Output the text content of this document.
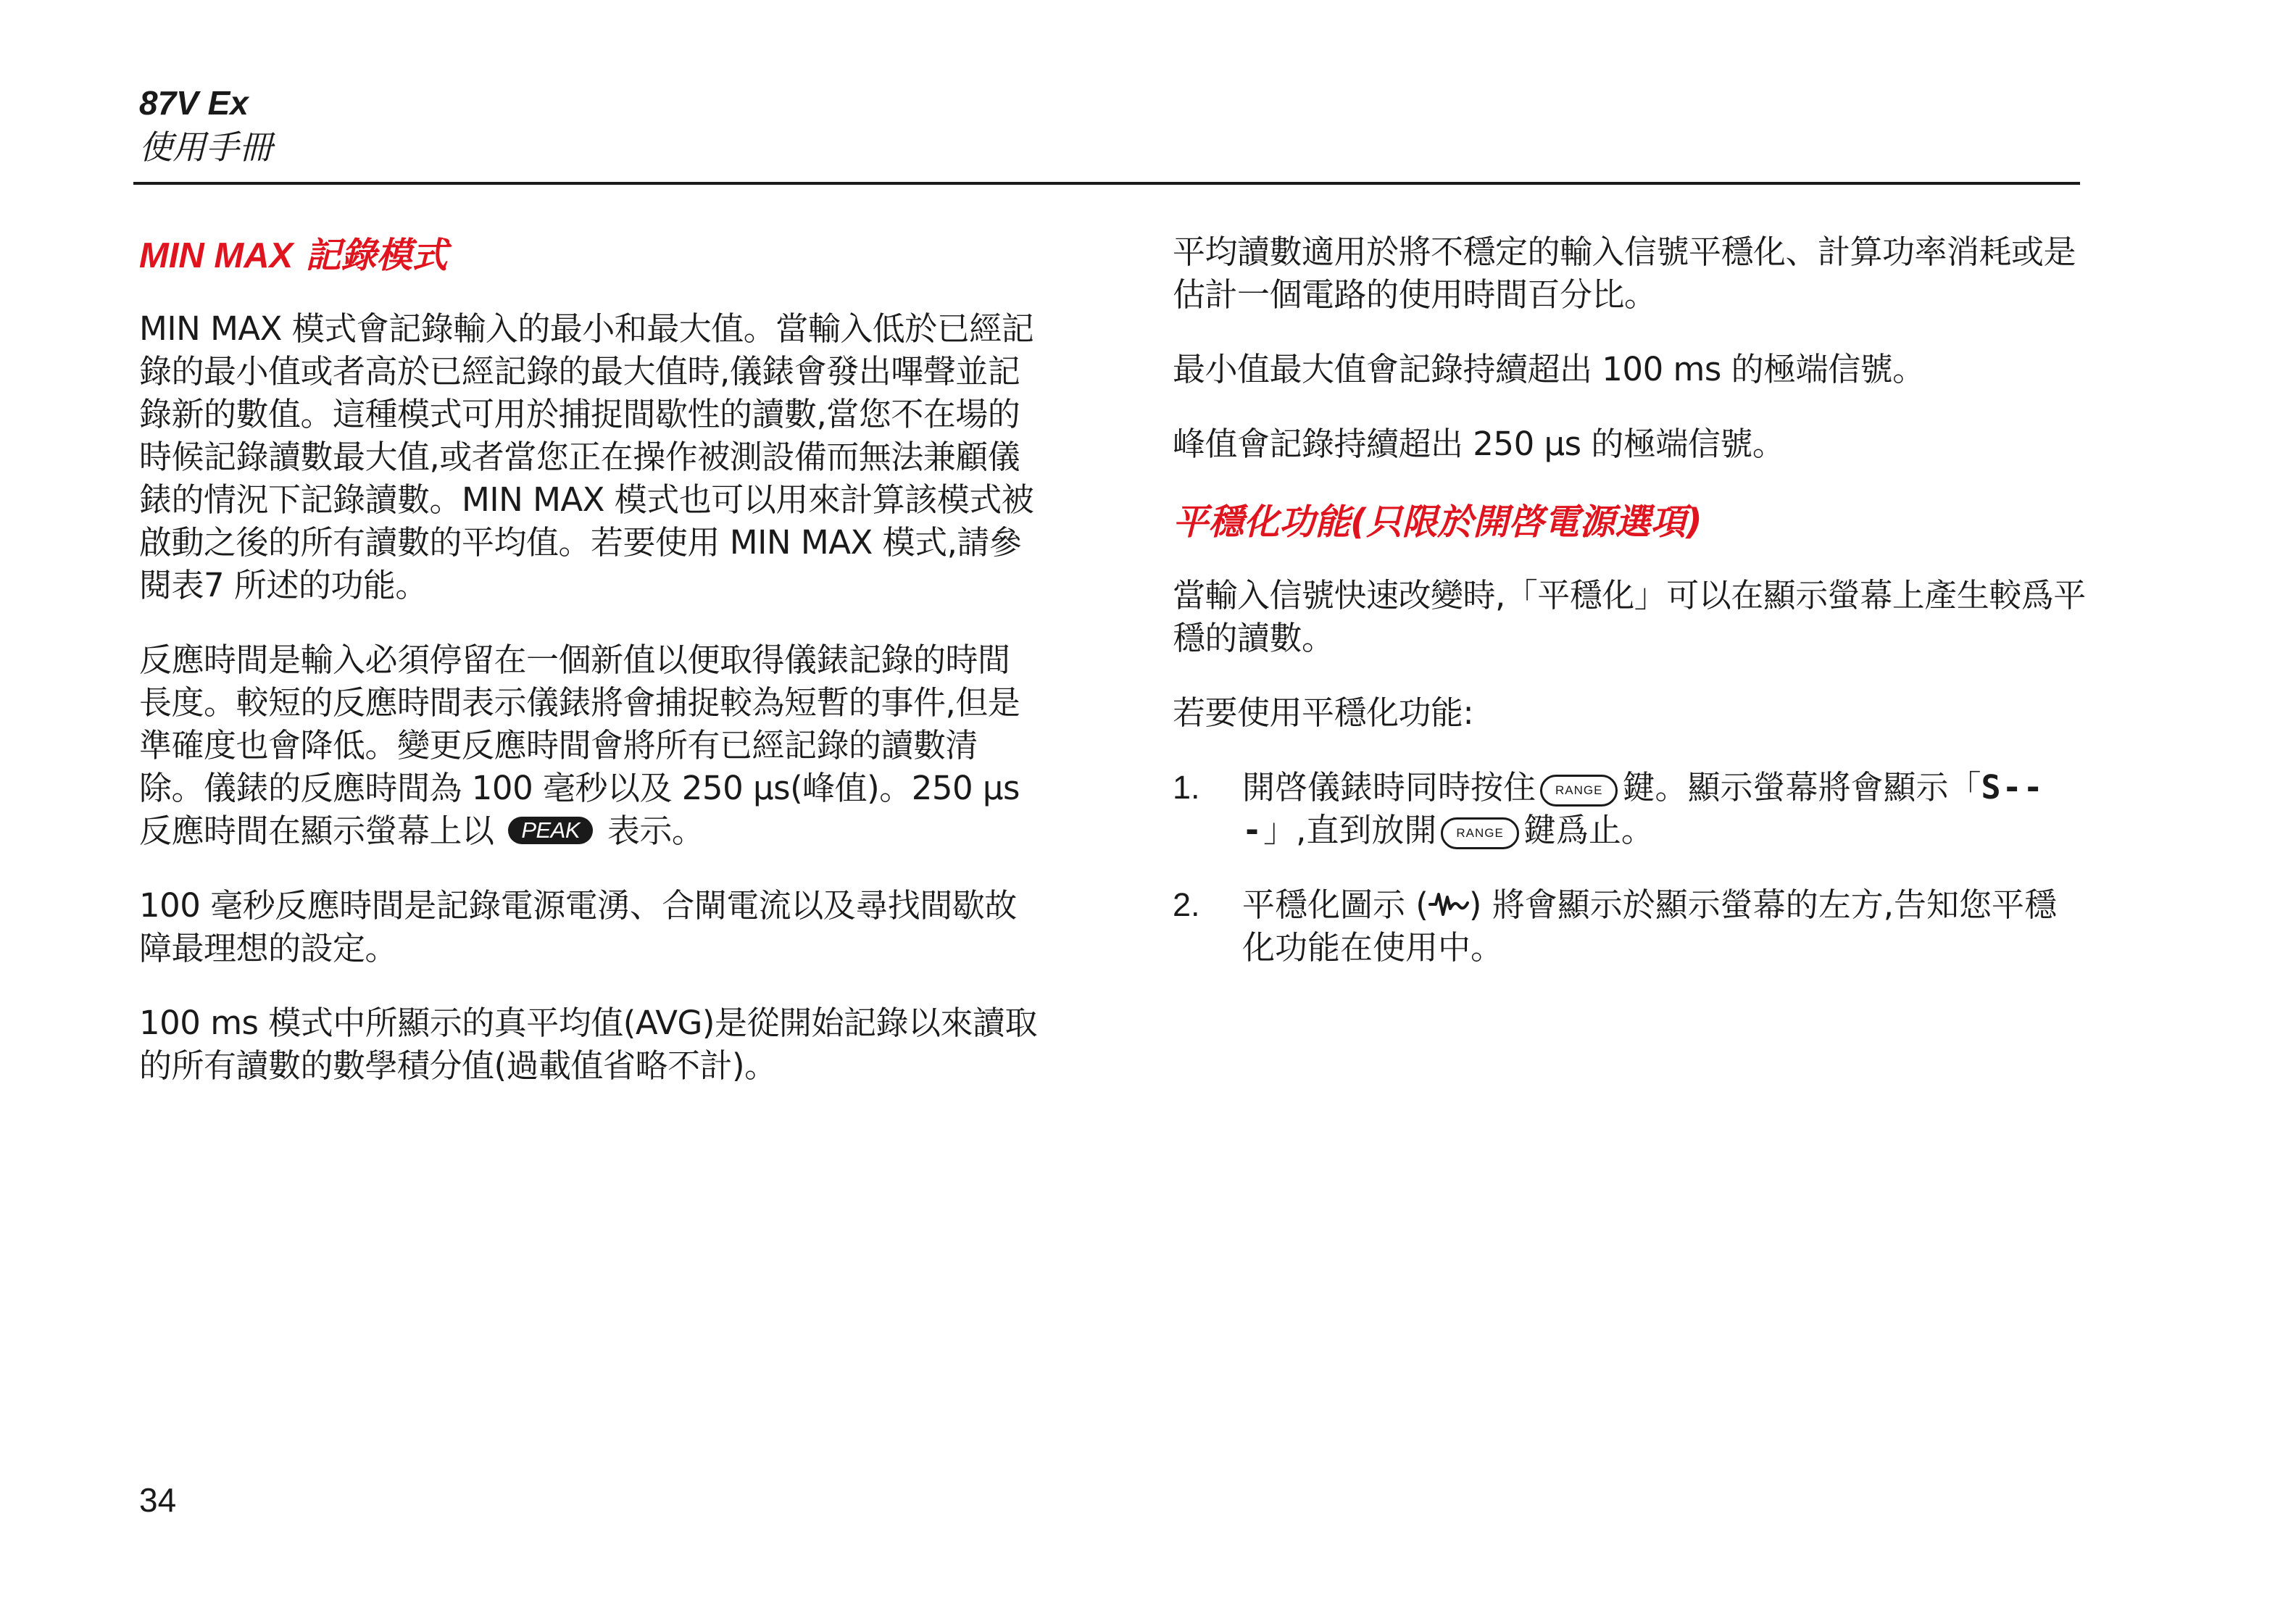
87V Ex

使用手冊

MIN MAX 記錄模式

MIN MAX 模式會記錄輸入的最小和最大值。當輸入低於已經記錄的最小值或者高於已經記錄的最大值時,儀錶會發出嗶聲並記錄新的數值。這種模式可用於捕捉間歇性的讀數,當您不在場的時候記錄讀數最大值,或者當您正在操作被測設備而無法兼顧儀錶的情況下記錄讀數。MIN MAX 模式也可以用來計算該模式被啟動之後的所有讀數的平均值。若要使用 MIN MAX 模式,請參閱表7 所述的功能。

反應時間是輸入必須停留在一個新值以便取得儀錶記錄的時間長度。較短的反應時間表示儀錶將會捕捉較為短暫的事件,但是準確度也會降低。變更反應時間會將所有已經記錄的讀數清除。儀錶的反應時間為 100 毫秒以及 250 µs(峰值)。250 µs 反應時間在顯示螢幕上以 PEAK 表示。

100 毫秒反應時間是記錄電源電湧、合閘電流以及尋找間歇故障最理想的設定。

100 ms 模式中所顯示的真平均值(AVG)是從開始記錄以來讀取的所有讀數的數學積分值(過載值省略不計)。

平均讀數適用於將不穩定的輸入信號平穩化、計算功率消耗或是估計一個電路的使用時間百分比。

最小值最大值會記錄持續超出 100 ms 的極端信號。

峰值會記錄持續超出 250 µs 的極端信號。

平穩化功能(只限於開啓電源選項)

當輸入信號快速改變時,「平穩化」可以在顯示螢幕上產生較爲平穩的讀數。

若要使用平穩化功能:

1. 開啓儀錶時同時按住 RANGE 鍵。顯示螢幕將會顯示「S---」,直到放開 RANGE 鍵爲止。
2. 平穩化圖示 ( ) 將會顯示於顯示螢幕的左方,告知您平穩化功能在使用中。
34
